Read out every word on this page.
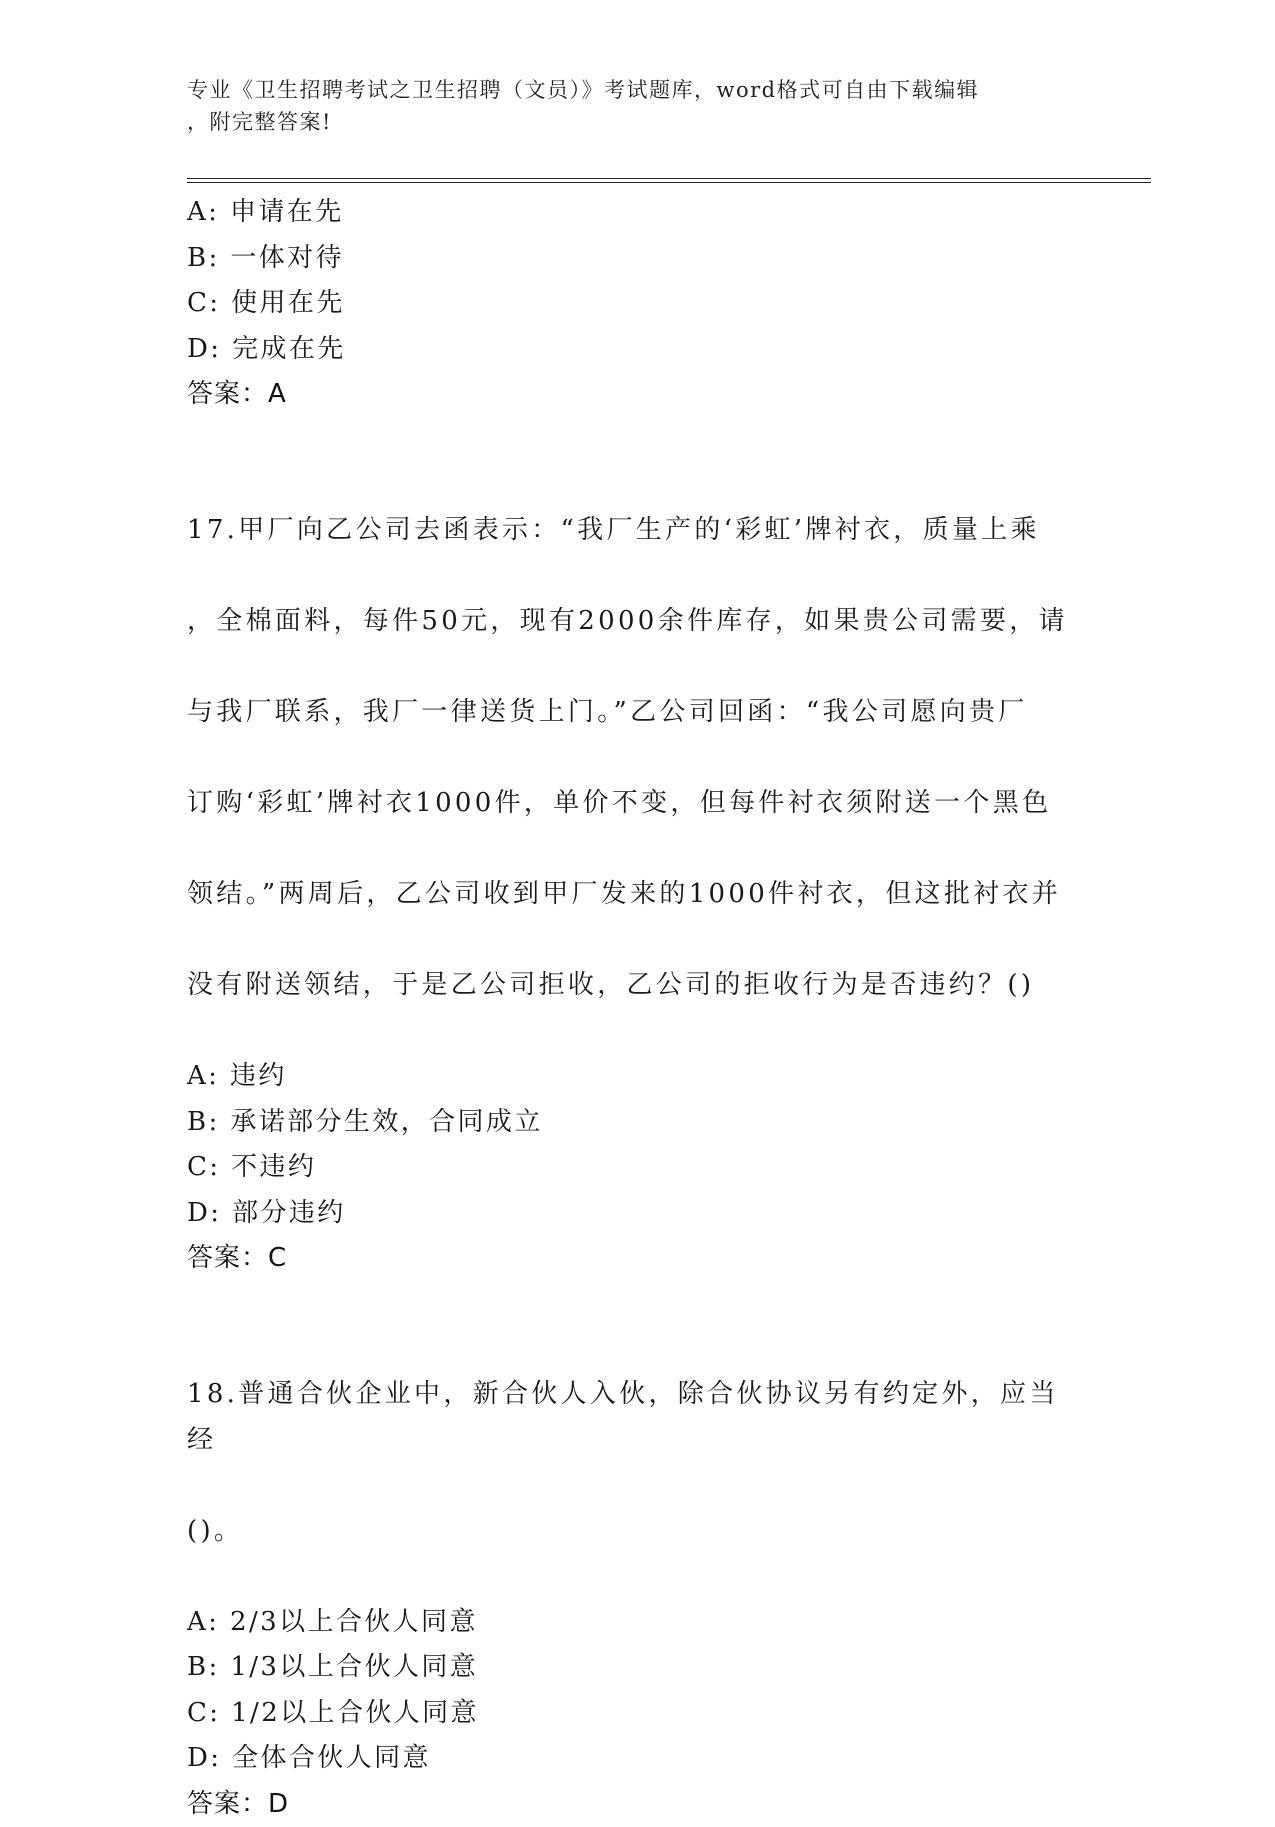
专业《卫生招聘考试之卫生招聘（文员）》考试题库，word格式可自由下载编辑
，附完整答案!
A: 申请在先
B: 一体对待
C: 使用在先
D: 完成在先
答案：A

17.甲厂向乙公司去函表示：“我厂生产的‘彩虹’牌衬衣，质量上乘

，全棉面料，每件50元，现有2000余件库存，如果贵公司需要，请

与我厂联系，我厂一律送货上门。”乙公司回函：“我公司愿向贵厂

订购‘彩虹’牌衬衣1000件，单价不变，但每件衬衣须附送一个黑色

领结。”两周后，乙公司收到甲厂发来的1000件衬衣，但这批衬衣并

没有附送领结，于是乙公司拒收，乙公司的拒收行为是否违约？()

A: 违约
B: 承诺部分生效，合同成立
C: 不违约
D: 部分违约
答案：C

18.普通合伙企业中，新合伙人入伙，除合伙协议另有约定外，应当经

()。

A: 2/3以上合伙人同意
B: 1/3以上合伙人同意
C: 1/2以上合伙人同意
D: 全体合伙人同意
答案：D
